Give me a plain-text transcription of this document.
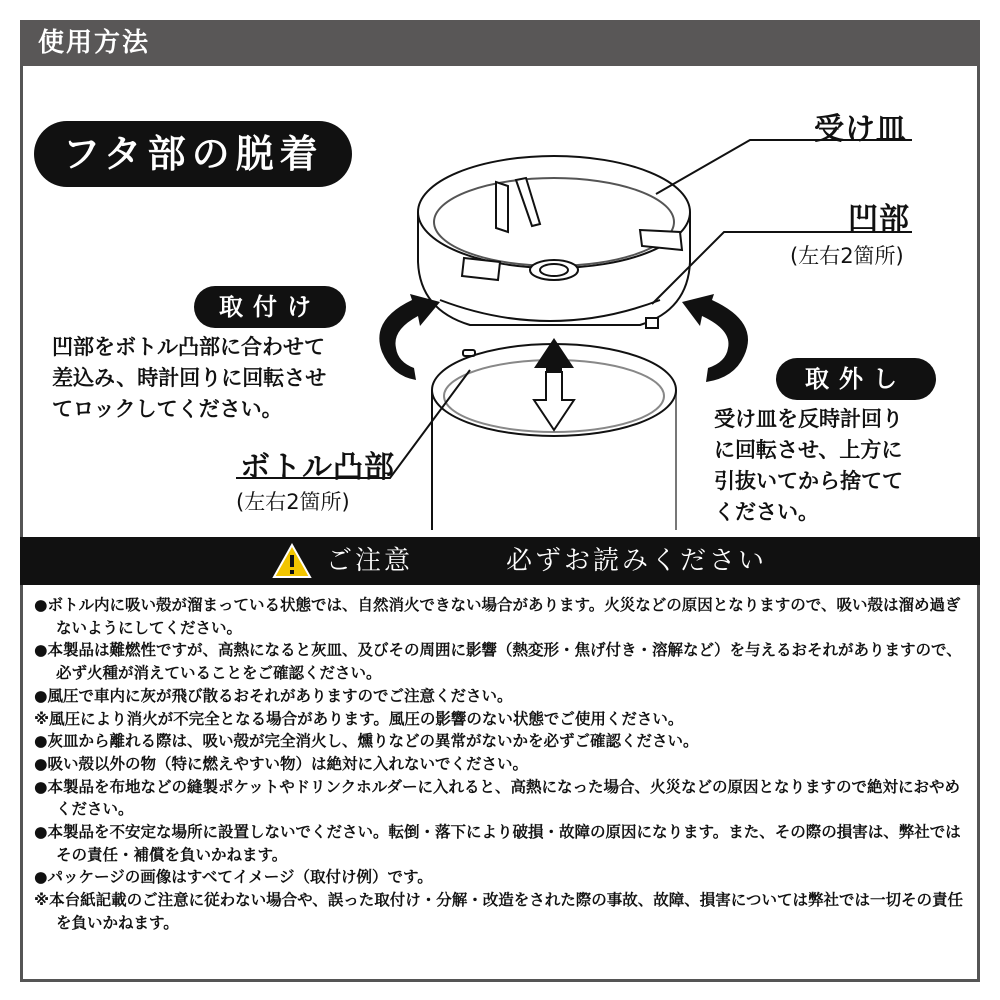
使用方法
フタ部の脱着
受け皿
凹部
(左右2箇所)
取付け
凹部をボトル凸部に合わせて
差込み、時計回りに回転させ
てロックしてください。
取外し
受け皿を反時計回り
に回転させ、上方に
引抜いてから捨てて
ください。
ボトル凸部
(左右2箇所)
ご注意	必ずお読みください

●ボトル内に吸い殻が溜まっている状態では、自然消火できない場合があります。火災などの原因となりますので、吸い殻は溜め過ぎないようにしてください。

●本製品は難燃性ですが、高熱になると灰皿、及びその周囲に影響（熱変形・焦げ付き・溶解など）を与えるおそれがありますので、必ず火種が消えていることをご確認ください。

●風圧で車内に灰が飛び散るおそれがありますのでご注意ください。

※風圧により消火が不完全となる場合があります。風圧の影響のない状態でご使用ください。

●灰皿から離れる際は、吸い殻が完全消火し、燻りなどの異常がないかを必ずご確認ください。

●吸い殻以外の物（特に燃えやすい物）は絶対に入れないでください。

●本製品を布地などの縫製ポケットやドリンクホルダーに入れると、高熱になった場合、火災などの原因となりますので絶対におやめください。

●本製品を不安定な場所に設置しないでください。転倒・落下により破損・故障の原因になります。また、その際の損害は、弊社ではその責任・補償を負いかねます。

●パッケージの画像はすべてイメージ（取付け例）です。

※本台紙記載のご注意に従わない場合や、誤った取付け・分解・改造をされた際の事故、故障、損害については弊社では一切その責任を負いかねます。
